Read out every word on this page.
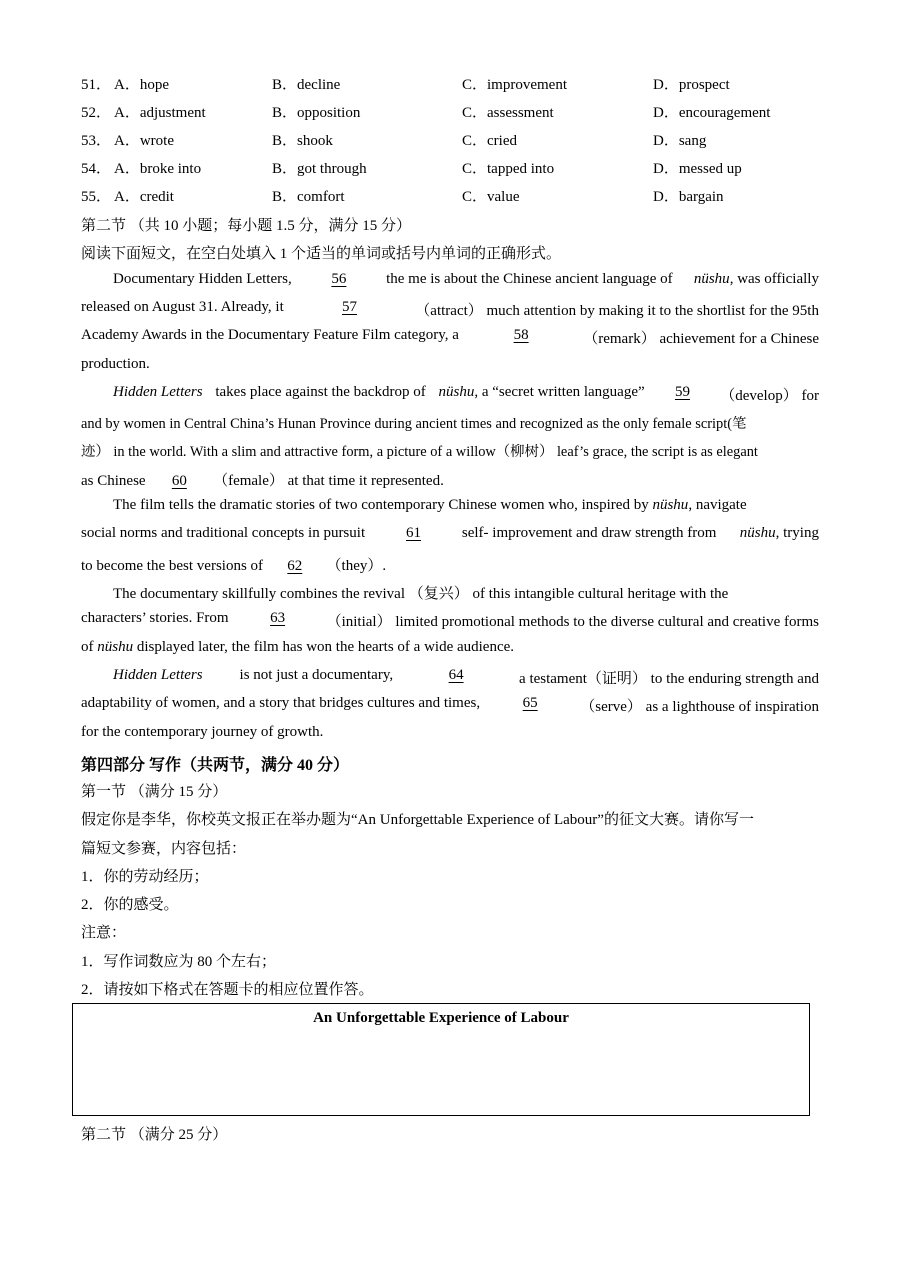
51． A．hope	B．decline	C．improvement	D．prospect
52． A．adjustment	B．opposition	C．assessment	D．encouragement
53． A．wrote	B．shook	C．cried	D．sang
54． A．broke into	B．got through	C．tapped into	D．messed up
55． A．credit	B．comfort	C．value	D．bargain
第二节 （共 10 小题；每小题 1.5 分，满分 15 分）
阅读下面短文，在空白处填入 1 个适当的单词或括号内单词的正确形式。
Documentary Hidden Letters,	56	the me is about the Chinese ancient language of nüshu, was officially
released on August 31. Already, it	57	（attract） much attention by making it to the shortlist for the 95th
Academy Awards in the Documentary Feature Film category, a	58	（remark） achievement for a Chinese
production.
Hidden Letters takes place against the backdrop of nüshu, a “secret written language”	59	（develop） for
and by women in Central China’s Hunan Province during ancient times and recognized as the only female script(笔
迹） in the world. With a slim and attractive form, a picture of a willow（柳树） leaf’s grace, the script is as elegant
as Chinese 60 （female） at that time it represented.
The film tells the dramatic stories of two contemporary Chinese women who, inspired by nüshu, navigate
social norms and traditional concepts in pursuit	61	self- improvement and draw strength from nüshu, trying
to become the best versions of 62 （they）.
The documentary skillfully combines the revival （复兴） of this intangible cultural heritage with the
characters’ stories. From	63	（initial） limited promotional methods to the diverse cultural and creative forms
of nüshu displayed later, the film has won the hearts of a wide audience.
Hidden Letters is not just a documentary,	64	a testament（证明） to the enduring strength and
adaptability of women, and a story that bridges cultures and times,	65	（serve） as a lighthouse of inspiration
for the contemporary journey of growth.
第四部分 写作（共两节，满分 40 分）
第一节 （满分 15 分）
假定你是李华，你校英文报正在举办题为“An Unforgettable Experience of Labour”的征文大赛。请你写一
篇短文参赛，内容包括：
1．你的劳动经历；
2．你的感受。
注意：
1．写作词数应为 80 个左右；
2．请按如下格式在答题卡的相应位置作答。
An Unforgettable Experience of Labour
第二节 （满分 25 分）
